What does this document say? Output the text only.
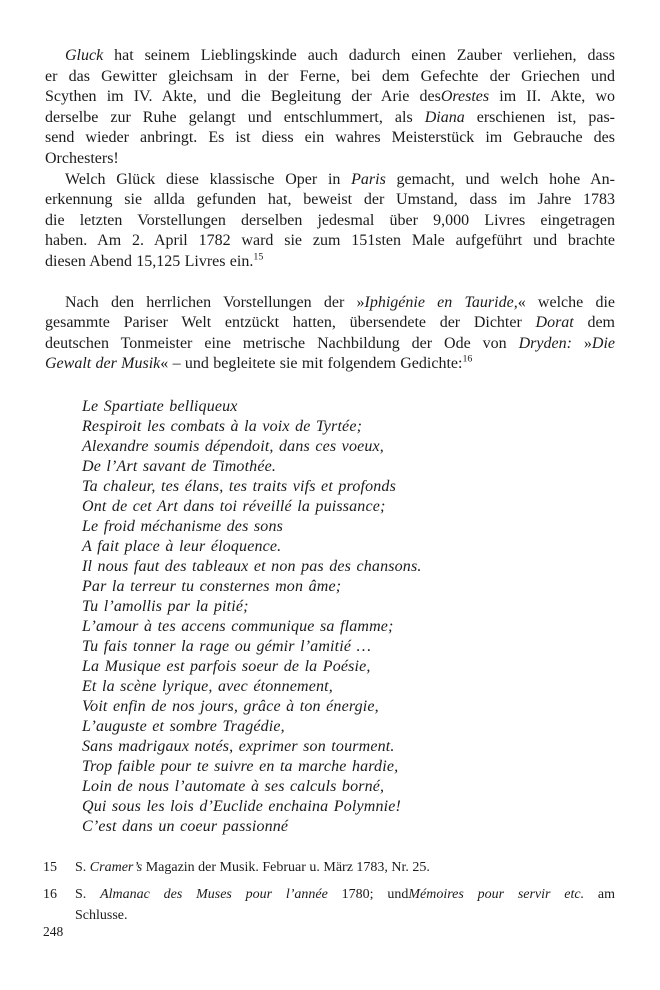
Gluck hat seinem Lieblingskinde auch dadurch einen Zauber verliehen, dass
er das Gewitter gleichsam in der Ferne, bei dem Gefechte der Griechen und
Scythen im IV. Akte, und die Begleitung der Arie desOrestes im II. Akte, wo
derselbe zur Ruhe gelangt und entschlummert, als Diana erschienen ist, pas-
send wieder anbringt. Es ist diess ein wahres Meisterstück im Gebrauche des
Orchesters!
Welch Glück diese klassische Oper in Paris gemacht, und welch hohe An-
erkennung sie allda gefunden hat, beweist der Umstand, dass im Jahre 1783
die letzten Vorstellungen derselben jedesmal über 9,000 Livres eingetragen
haben. Am 2. April 1782 ward sie zum 151sten Male aufgeführt und brachte
diesen Abend 15,125 Livres ein.$^{15}$
Nach den herrlichen Vorstellungen der »Iphigénie en Tauride,« welche die
gesammte Pariser Welt entzückt hatten, übersendete der Dichter Dorat dem
deutschen Tonmeister eine metrische Nachbildung der Ode von Dryden: »Die
Gewalt der Musik« – und begleitete sie mit folgendem Gedichte:$^{16}$
Le Spartiate belliqueux
Respiroit les combats à la voix de Tyrtée;
Alexandre soumis dépendoit, dans ces voeux,
De l’Art savant de Timothée.
Ta chaleur, tes élans, tes traits vifs et profonds
Ont de cet Art dans toi réveillé la puissance;
Le froid méchanisme des sons
A fait place à leur éloquence.
Il nous faut des tableaux et non pas des chansons.
Par la terreur tu consternes mon âme;
Tu l’amollis par la pitié;
L’amour à tes accens communique sa flamme;
Tu fais tonner la rage ou gémir l’amitié …
La Musique est parfois soeur de la Poésie,
Et la scène lyrique, avec étonnement,
Voit enfin de nos jours, grâce à ton énergie,
L’auguste et sombre Tragédie,
Sans madrigaux notés, exprimer son tourment.
Trop faible pour te suivre en ta marche hardie,
Loin de nous l’automate à ses calculs borné,
Qui sous les lois d’Euclide enchaina Polymnie!
C’est dans un coeur passionné
15 S. Cramer’s Magazin der Musik. Februar u. März 1783, Nr. 25.
16 S. Almanac des Muses pour l’année 1780; undMémoires pour servir etc. am
Schlusse.
248
